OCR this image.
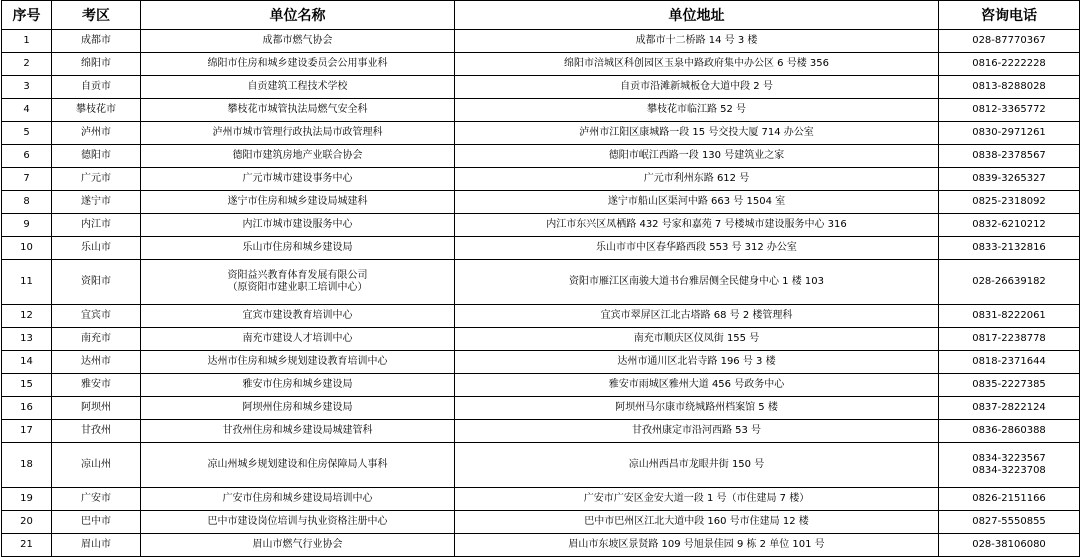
序号	考区	单位名称	单位地址	咨询电话
1	成都市	成都市燃气协会	成都市十二桥路 14 号 3 楼	028-87770367

2	绵阳市	绵阳市住房和城乡建设委员会公用事业科	绵阳市涪城区科创园区玉泉中路政府集中办公区 6 号楼 356	0816-2222228

3	自贡市	自贡建筑工程技术学校	自贡市沿滩新城板仓大道中段 2 号	0813-8288028

4	攀枝花市	攀枝花市城管执法局燃气安全科	攀枝花市临江路 52 号	0812-3365772

5	泸州市	泸州市城市管理行政执法局市政管理科	泸州市江阳区康城路一段 15 号交投大厦 714 办公室	0830-2971261

6	德阳市	德阳市建筑房地产业联合协会	德阳市岷江西路一段 130 号建筑业之家	0838-2378567

7	广元市	广元市城市建设事务中心	广元市利州东路 612 号	0839-3265327

8	遂宁市	遂宁市住房和城乡建设局城建科	遂宁市船山区渠河中路 663 号 1504 室	0825-2318092

9	内江市	内江市城市建设服务中心	内江市东兴区凤栖路 432 号家和嘉苑 7 号楼城市建设服务中心 316	0832-6210212

10	乐山市	乐山市住房和城乡建设局	乐山市市中区春华路西段 553 号 312 办公室	0833-2132816

11	资阳市	资阳益兴教育体育发展有限公司
（原资阳市建业职工培训中心）	资阳市雁江区南骏大道书台雅居侧全民健身中心 1 楼 103	028-26639182

12	宜宾市	宜宾市建设教育培训中心	宜宾市翠屏区江北古塔路 68 号 2 楼管理科	0831-8222061

13	南充市	南充市建设人才培训中心	南充市顺庆区仪凤街 155 号	0817-2238778

14	达州市	达州市住房和城乡规划建设教育培训中心	达州市通川区北岩寺路 196 号 3 楼	0818-2371644

15	雅安市	雅安市住房和城乡建设局	雅安市雨城区雅州大道 456 号政务中心	0835-2227385

16	阿坝州	阿坝州住房和城乡建设局	阿坝州马尔康市绕城路州档案馆 5 楼	0837-2822124

17	甘孜州	甘孜州住房和城乡建设局城建管科	甘孜州康定市沿河西路 53 号	0836-2860388

18	凉山州	凉山州城乡规划建设和住房保障局人事科	凉山州西昌市龙眼井街 150 号	0834-3223567
0834-3223708

19	广安市	广安市住房和城乡建设局培训中心	广安市广安区金安大道一段 1 号（市住建局 7 楼）	0826-2151166

20	巴中市	巴中市建设岗位培训与执业资格注册中心	巴中市巴州区江北大道中段 160 号市住建局 12 楼	0827-5550855

21	眉山市	眉山市燃气行业协会	眉山市东坡区景贤路 109 号旭景佳园 9 栋 2 单位 101 号	028-38106080
